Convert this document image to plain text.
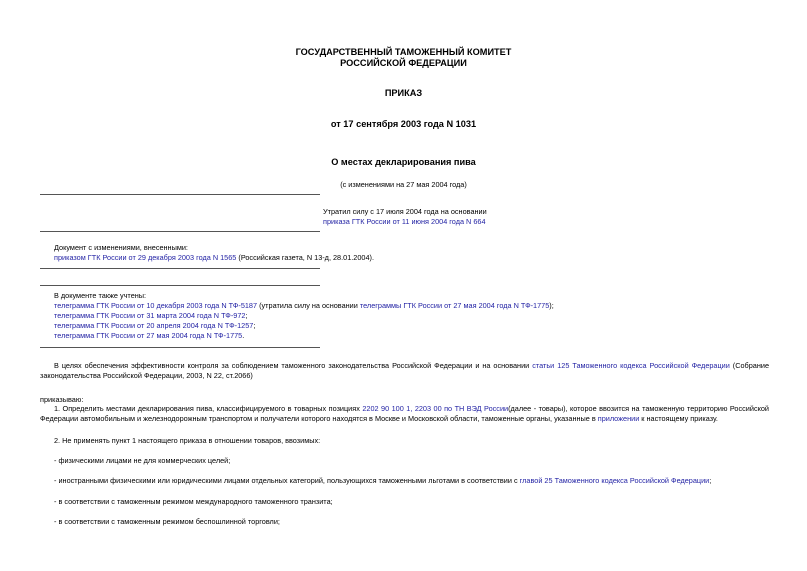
ГОСУДАРСТВЕННЫЙ ТАМОЖЕННЫЙ КОМИТЕТ
РОССИЙСКОЙ ФЕДЕРАЦИИ
ПРИКАЗ
от 17 сентября 2003 года N 1031
О местах декларирования пива
(с изменениями на 27 мая 2004 года)
Утратил силу с 17 июля 2004 года на основании
приказа ГТК России от 11 июня 2004 года N 664
Документ с изменениями, внесенными:
приказом ГТК России от 29 декабря 2003 года N 1565 (Российская газета, N 13-д, 28.01.2004).
В документе также учтены:
телеграмма ГТК России от 10 декабря 2003 года N ТФ-5187 (утратила силу на основании телеграммы ГТК России от 27 мая 2004 года N ТФ-1775);
телеграмма ГТК России от 31 марта 2004 года N ТФ-972;
телеграмма ГТК России от 20 апреля 2004 года N ТФ-1257;
телеграмма ГТК России от 27 мая 2004 года N ТФ-1775.
В целях обеспечения эффективности контроля за соблюдением таможенного законодательства Российской Федерации и на основании статьи 125 Таможенного кодекса Российской Федерации (Собрание законодательства Российской Федерации, 2003, N 22, ст.2066)
приказываю:
1. Определить местами декларирования пива, классифицируемого в товарных позициях 2202 90 100 1, 2203 00 по ТН ВЭД России(далее - товары), которое ввозится на таможенную территорию Российской Федерации автомобильным и железнодорожным транспортом и получатели которого находятся в Москве и Московской области, таможенные органы, указанные в приложении к настоящему приказу.
2. Не применять пункт 1 настоящего приказа в отношении товаров, ввозимых:
- физическими лицами не для коммерческих целей;
- иностранными физическими или юридическими лицами отдельных категорий, пользующихся таможенными льготами в соответствии с главой 25 Таможенного кодекса Российской Федерации;
- в соответствии с таможенным режимом международного таможенного транзита;
- в соответствии с таможенным режимом беспошлинной торговли;
